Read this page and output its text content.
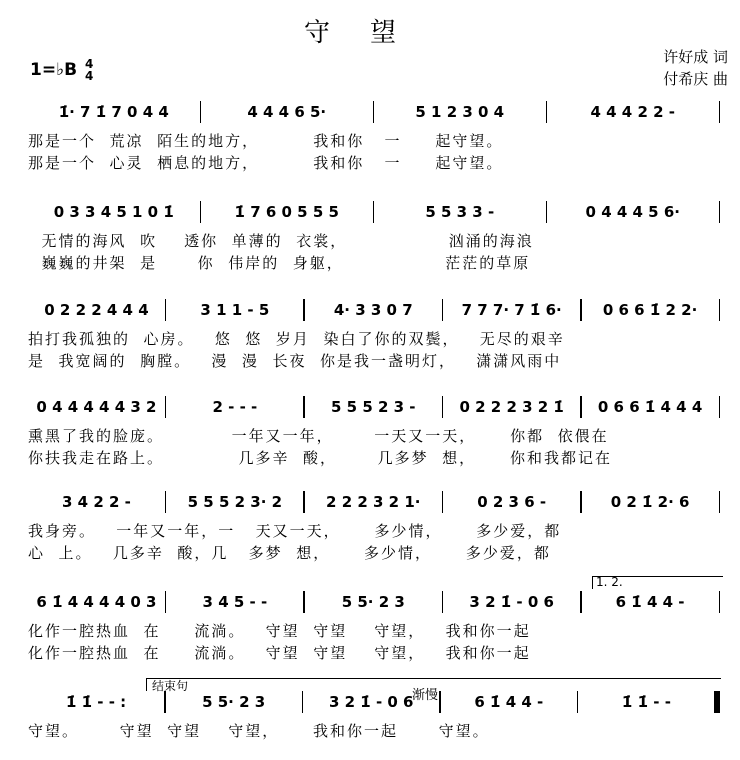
守望
1=♭B 4
4
许好成 词
付希庆 曲
1̇· 7 1̇ 7 0 4 4	4 4 4 6 5·	5 1 2 3 0 4	4 4 4 2 2 -
那是一个  荒凉  陌生的地方，        我和你   一     起守望。
那是一个  心灵  栖息的地方，        我和你   一     起守望。
0 3 3 4 5 1 0 1̇	1̇ 7 6 0 5 5 5	5 5 3 3 -	0 4 4 4 5 6·
无情的海风  吹    透你  单薄的  衣裳，               汹涌的海浪
巍巍的井架  是      你  伟岸的  身躯，               茫茫的草原
0 2 2 2 4 4 4	3 1 1 - 5	4· 3 3 0 7	7 7 7· 7 1̇ 6·	0 6 6 1̇ 2 2·
拍打我孤独的  心房。   悠  悠  岁月  染白了你的双鬓，   无尽的艰辛
是  我宽阔的  胸膛。   漫  漫  长夜  你是我一盏明灯，   潇潇风雨中
0 4 4 4 4 4 3 2	2 - - -	5 5 5 2 3 -	0 2 2 2 3 2 1̇	0 6 6 1̇ 4 4 4
熏黑了我的脸庞。          一年又一年，      一天又一天，     你都  依偎在
你扶我走在路上。           几多辛  酸，      几多梦  想，     你和我都记在
3 4 2 2 -	5 5 5 2 3· 2	2 2 2 3 2 1·	0 2 3 6 -	0 2 1̇ 2· 6
我身旁。   一年又一年，一   天又一天，     多少情，     多少爱，都
心  上。   几多辛  酸，几   多梦  想，     多少情，     多少爱，都
6 1̇ 4 4 4 4 0 3	3 4 5 - -	5 5· 2 3	3 2 1̇ - 0 6	6 1̇ 4 4 -
化作一腔热血  在     流淌。   守望  守望    守望，   我和你一起
化作一腔热血  在     流淌。   守望  守望    守望，   我和你一起
1̇ 1̇ - - :	5 5· 2 3	3 2 1̇ - 0 6	6 1̇ 4 4 -	1̇ 1̇ - -
守望。      守望  守望    守望，     我和你一起      守望。
1. 2.
结束句
渐慢
